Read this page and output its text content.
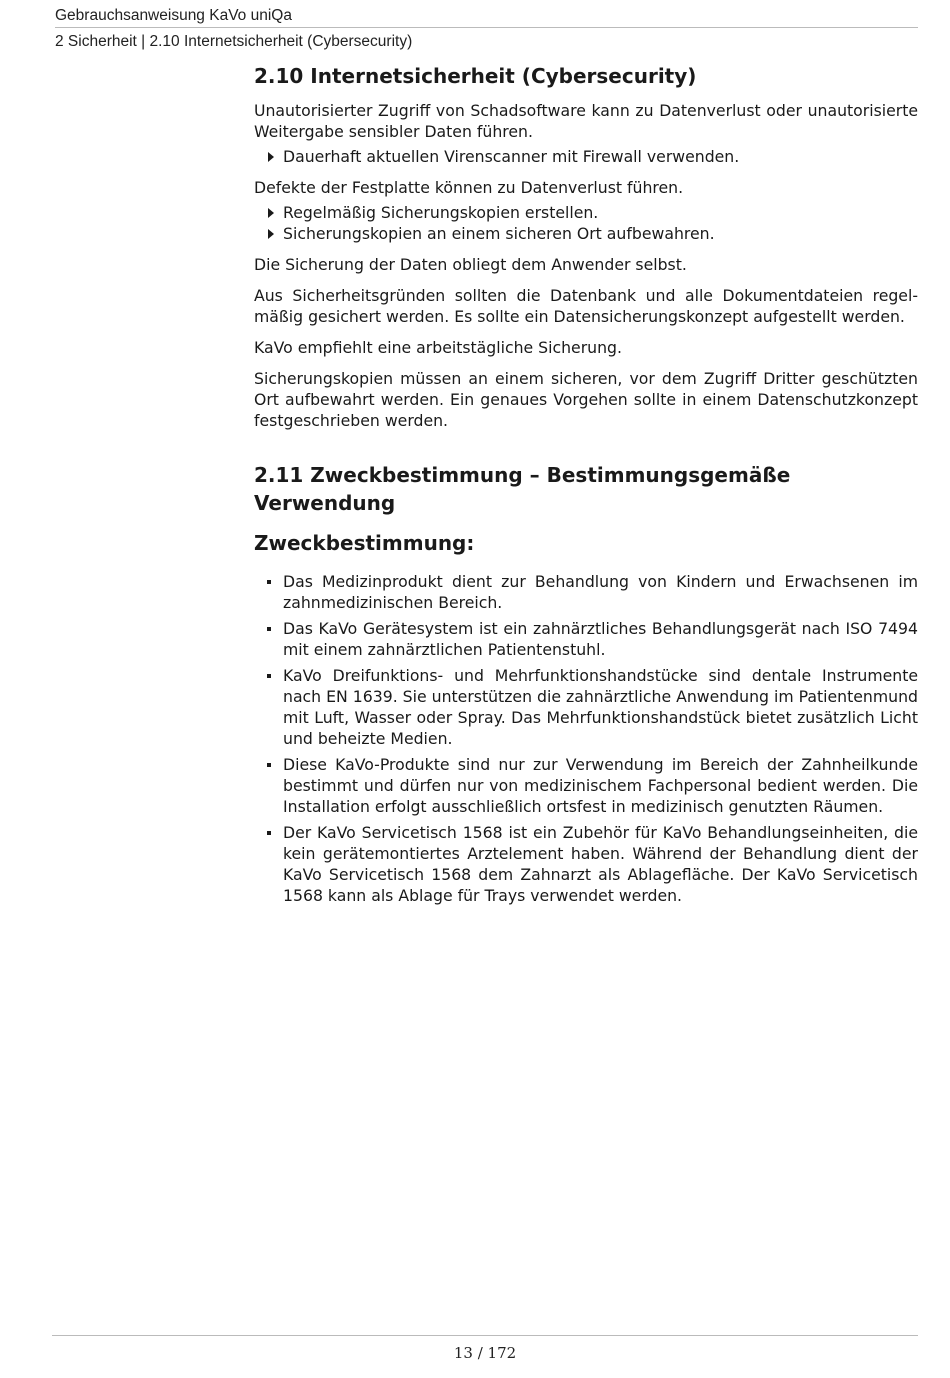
Gebrauchsanweisung KaVo uniQa
2 Sicherheit | 2.10 Internetsicherheit (Cybersecurity)
2.10 Internetsicherheit (Cybersecurity)

Unautorisierter Zugriff von Schadsoftware kann zu Datenverlust oder unautorisierte Weitergabe sensibler Daten führen.

Dauerhaft aktuellen Virenscanner mit Firewall verwenden.

Defekte der Festplatte können zu Datenverlust führen.

Regelmäßig Sicherungskopien erstellen.
Sicherungskopien an einem sicheren Ort aufbewahren.

Die Sicherung der Daten obliegt dem Anwender selbst.

Aus Sicherheitsgründen sollten die Datenbank und alle Dokumentdateien regelmäßig gesichert werden. Es sollte ein Datensicherungskonzept aufgestellt werden.

KaVo empfiehlt eine arbeitstägliche Sicherung.

Sicherungskopien müssen an einem sicheren, vor dem Zugriff Dritter geschützten Ort aufbewahrt werden. Ein genaues Vorgehen sollte in einem Datenschutzkonzept festgeschrieben werden.

2.11 Zweckbestimmung – Bestimmungsgemäße Verwendung
Zweckbestimmung:
Das Medizinprodukt dient zur Behandlung von Kindern und Erwachsenen im zahnmedizinischen Bereich.
Das KaVo Gerätesystem ist ein zahnärztliches Behandlungsgerät nach ISO 7494 mit einem zahnärztlichen Patientenstuhl.
KaVo Dreifunktions- und Mehrfunktionshandstücke sind dentale Instrumente nach EN 1639. Sie unterstützen die zahnärztliche Anwendung im Patientenmund mit Luft, Wasser oder Spray. Das Mehrfunktionshandstück bietet zusätzlich Licht und beheizte Medien.
Diese KaVo-Produkte sind nur zur Verwendung im Bereich der Zahnheilkunde bestimmt und dürfen nur von medizinischem Fachpersonal bedient werden. Die Installation erfolgt ausschließlich ortsfest in medizinisch genutzten Räumen.
Der KaVo Servicetisch 1568 ist ein Zubehör für KaVo Behandlungseinheiten, die kein gerätemontiertes Arztelement haben. Während der Behandlung dient der KaVo Servicetisch 1568 dem Zahnarzt als Ablagefläche. Der KaVo Servicetisch 1568 kann als Ablage für Trays verwendet werden.
13 / 172
